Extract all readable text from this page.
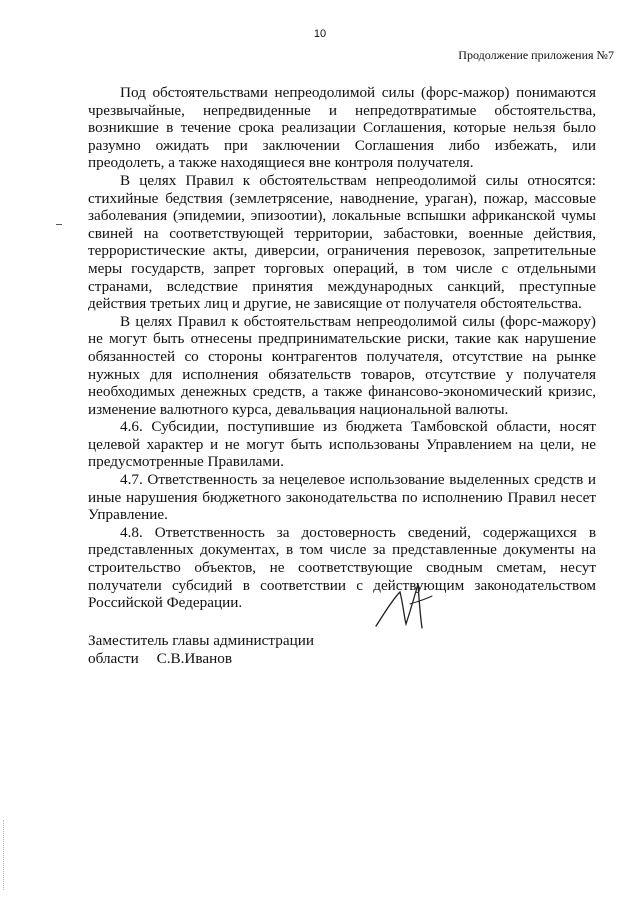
10
Продолжение приложения №7

Под обстоятельствами непреодолимой силы (форс-мажор) понимаются чрезвычайные, непредвиденные и непредотвратимые обстоятельства, возникшие в течение срока реализации Соглашения, которые нельзя было разумно ожидать при заключении Соглашения либо избежать, или преодолеть, а также находящиеся вне контроля получателя.

В целях Правил к обстоятельствам непреодолимой силы относятся: стихийные бедствия (землетрясение, наводнение, ураган), пожар, массовые заболевания (эпидемии, эпизоотии), локальные вспышки африканской чумы свиней на соответствующей территории, забастовки, военные действия, террористические акты, диверсии, ограничения перевозок, запретительные меры государств, запрет торговых операций, в том числе с отдельными странами, вследствие принятия международных санкций, преступные действия третьих лиц и другие, не зависящие от получателя обстоятельства.

В целях Правил к обстоятельствам непреодолимой силы (форс-мажору) не могут быть отнесены предпринимательские риски, такие как нарушение обязанностей со стороны контрагентов получателя, отсутствие на рынке нужных для исполнения обязательств товаров, отсутствие у получателя необходимых денежных средств, а также финансово-экономический кризис, изменение валютного курса, девальвация национальной валюты.

4.6. Субсидии, поступившие из бюджета Тамбовской области, носят целевой характер и не могут быть использованы Управлением на цели, не предусмотренные Правилами.

4.7. Ответственность за нецелевое использование выделенных средств и иные нарушения бюджетного законодательства по исполнению Правил несет Управление.

4.8. Ответственность за достоверность сведений, содержащихся в представленных документах, в том числе за представленные документы на строительство объектов, не соответствующие сводным сметам, несут получатели субсидий в соответствии с действующим законодательством Российской Федерации.

Заместитель главы администрации
области С.В.Иванов
